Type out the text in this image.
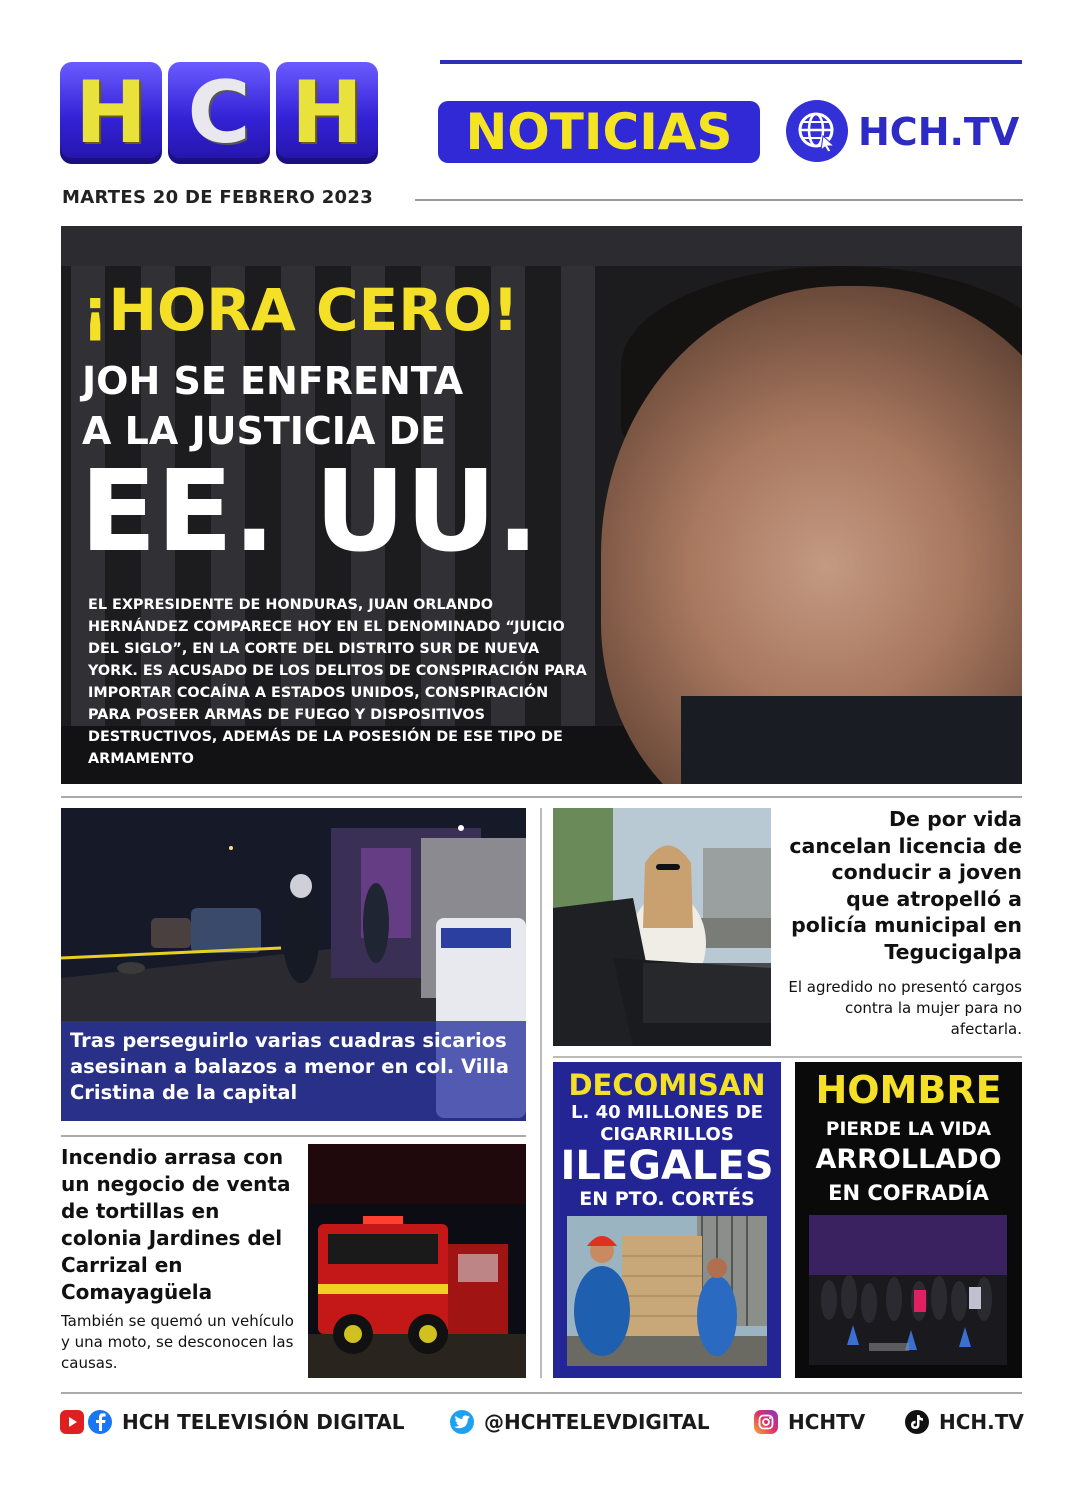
H C H	NOTICIAS	HCH.TV
MARTES 20 DE FEBRERO 2023
¡HORA CERO!
JOH SE ENFRENTA
A LA JUSTICIA DE
EE. UU.
EL EXPRESIDENTE DE HONDURAS, JUAN ORLANDO HERNÁNDEZ COMPARECE HOY EN EL DENOMINADO “JUICIO DEL SIGLO”, EN LA CORTE DEL DISTRITO SUR DE NUEVA YORK. ES ACUSADO DE LOS DELITOS DE CONSPIRACIÓN PARA IMPORTAR COCAÍNA A ESTADOS UNIDOS, CONSPIRACIÓN PARA POSEER ARMAS DE FUEGO Y DISPOSITIVOS DESTRUCTIVOS, ADEMÁS DE LA POSESIÓN DE ESE TIPO DE ARMAMENTO
Tras perseguirlo varias cuadras sicarios asesinan a balazos a menor en col. Villa Cristina de la capital
De por vida cancelan licencia de conducir a joven que atropelló a policía municipal en Tegucigalpa
El agredido no presentó cargos contra la mujer para no afectarla.
Incendio arrasa con un negocio de venta de tortillas en colonia Jardines del Carrizal en Comayagüela
También se quemó un vehículo y una moto, se desconocen las causas.
DECOMISAN
L. 40 MILLONES DE CIGARRILLOS
ILEGALES
EN PTO. CORTÉS
HOMBRE
PIERDE LA VIDA
ARROLLADO
EN COFRADÍA
HCH TELEVISIÓN DIGITAL	@HCHTELEVDIGITAL	HCHTV	HCH.TV
